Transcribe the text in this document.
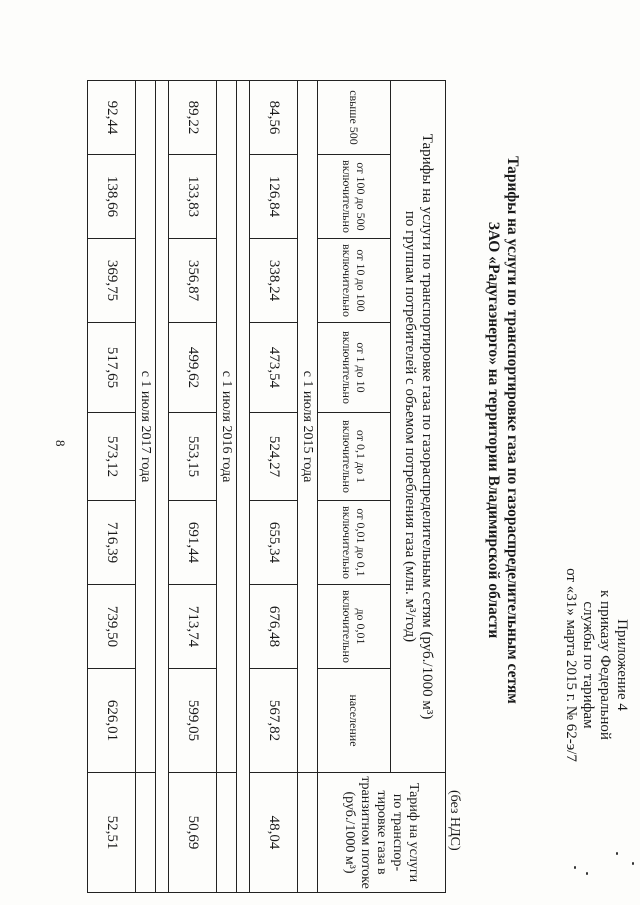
Приложение 4
к приказу Федеральной
службы по тарифам
от «31» марта 2015 г. № 62-э/7
Тарифы на услуги по транспортировке газа по газораспределительным сетям
ЗАО «Радугаэнерго» на территории Владимирской области
(без НДС)
Тарифы на услуги по транспортировке газа по газораспределительным сетям (руб./1000 м³)
по группам потребителей с объемом потребления газа (млн. м³/год)								Тариф на услуги по транспор-тировке газа в транзитном потоке (руб./1000 м³)
свыше 500	от 100 до 500 включительно	от 10 до 100 включительно	от 1 до 10 включительно	от 0,1 до 1 включительно	от 0,01 до 0,1 включительно	до 0,01 включительно	население	
с 1 июля 2015 года								
84,56	126,84	338,24	473,54	524,27	655,34	676,48	567,82	48,04

с 1 июля 2016 года								
89,22	133,83	356,87	499,62	553,15	691,44	713,74	599,05	50,69

с 1 июля 2017 года								
92,44	138,66	369,75	517,65	573,12	716,39	739,50	626,01	52,51
8
